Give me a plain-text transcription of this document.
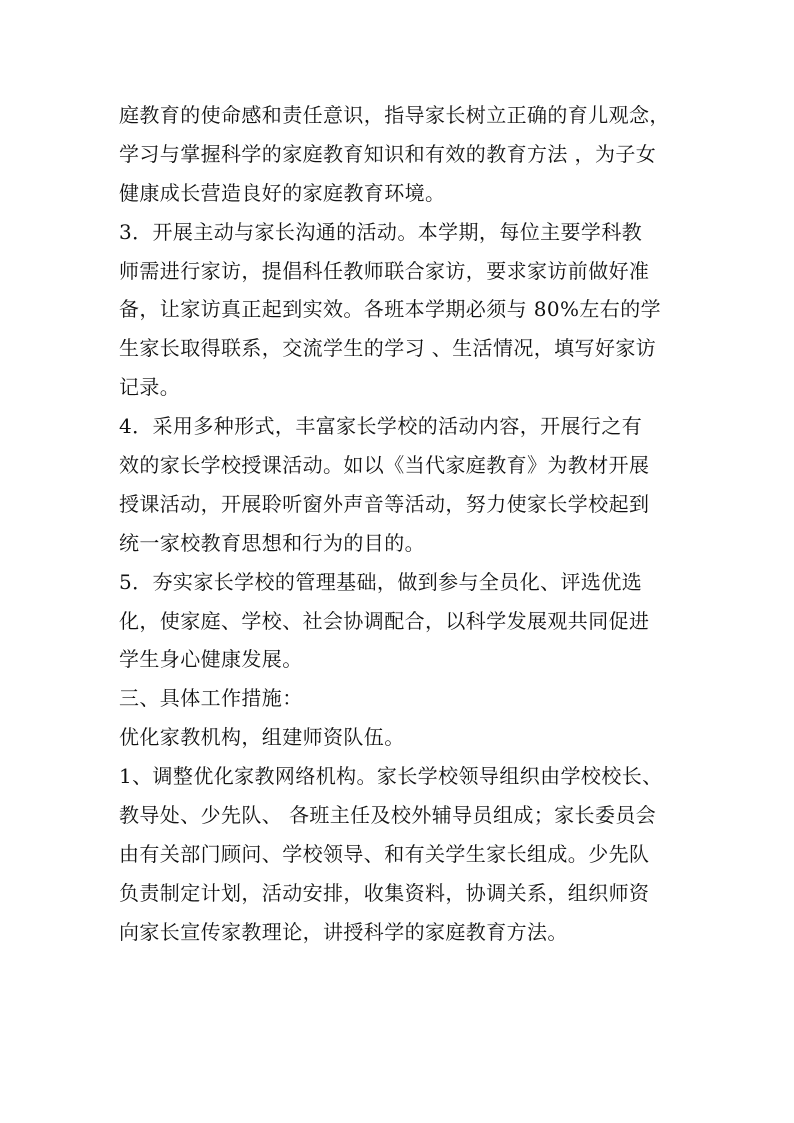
庭教育的使命感和责任意识，指导家长树立正确的育儿观念，
学习与掌握科学的家庭教育知识和有效的教育方法 ，为子女
健康成长营造良好的家庭教育环境。
3．开展主动与家长沟通的活动。本学期，每位主要学科教
师需进行家访，提倡科任教师联合家访，要求家访前做好准
备，让家访真正起到实效。各班本学期必须与 80%左右的学
生家长取得联系，交流学生的学习 、生活情况，填写好家访
记录。
4．采用多种形式，丰富家长学校的活动内容，开展行之有
效的家长学校授课活动。如以《当代家庭教育》为教材开展
授课活动，开展聆听窗外声音等活动，努力使家长学校起到
统一家校教育思想和行为的目的。
5．夯实家长学校的管理基础，做到参与全员化、评选优选
化，使家庭、学校、社会协调配合，以科学发展观共同促进
学生身心健康发展。
三、具体工作措施：
优化家教机构，组建师资队伍。
1、调整优化家教网络机构。家长学校领导组织由学校校长、
教导处、少先队、 各班主任及校外辅导员组成；家长委员会
由有关部门顾问、学校领导、和有关学生家长组成。少先队
负责制定计划，活动安排，收集资料，协调关系，组织师资
向家长宣传家教理论，讲授科学的家庭教育方法。
